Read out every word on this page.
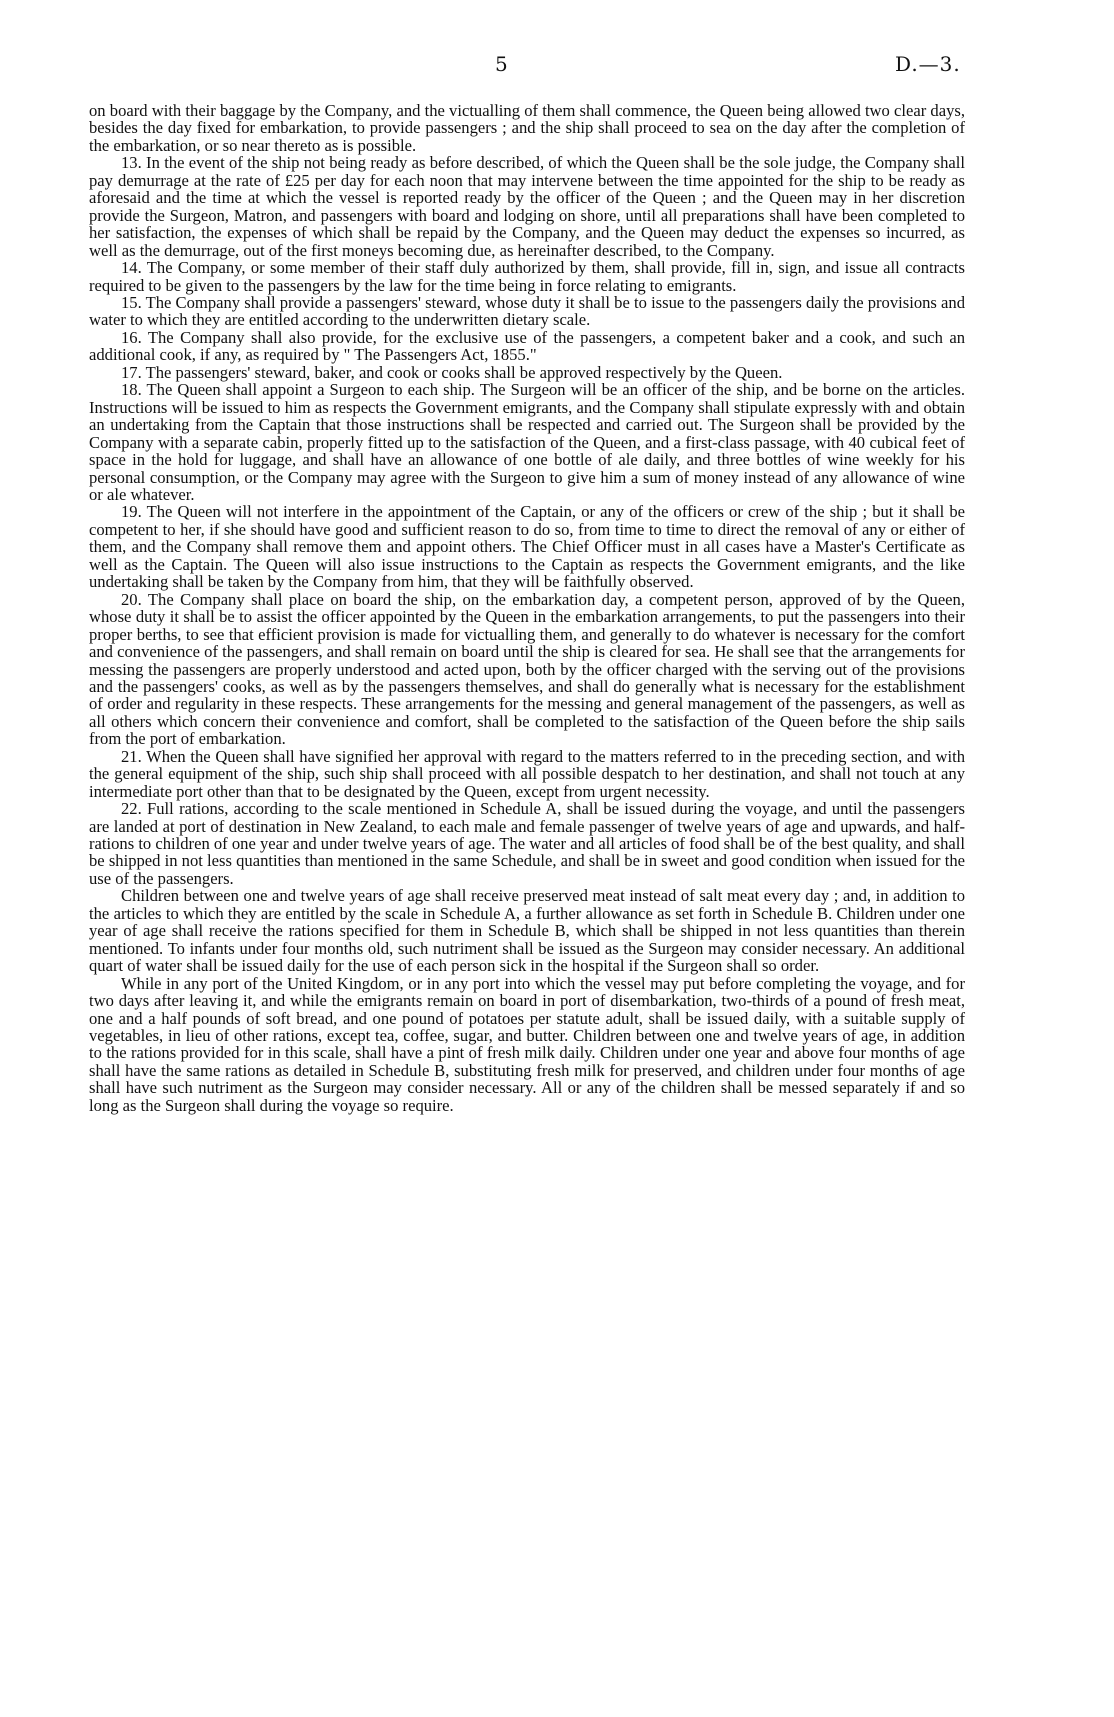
5	D.—3.

on board with their baggage by the Company, and the victualling of them shall commence, the Queen being allowed two clear days, besides the day fixed for embarkation, to provide passengers ; and the ship shall proceed to sea on the day after the completion of the embarkation, or so near thereto as is possible.

13. In the event of the ship not being ready as before described, of which the Queen shall be the sole judge, the Company shall pay demurrage at the rate of £25 per day for each noon that may intervene between the time appointed for the ship to be ready as aforesaid and the time at which the vessel is reported ready by the officer of the Queen ; and the Queen may in her discretion provide the Surgeon, Matron, and passengers with board and lodging on shore, until all preparations shall have been completed to her satisfaction, the expenses of which shall be repaid by the Company, and the Queen may deduct the expenses so incurred, as well as the demurrage, out of the first moneys becoming due, as hereinafter described, to the Company.

14. The Company, or some member of their staff duly authorized by them, shall provide, fill in, sign, and issue all contracts required to be given to the passengers by the law for the time being in force relating to emigrants.

15. The Company shall provide a passengers' steward, whose duty it shall be to issue to the passengers daily the provisions and water to which they are entitled according to the underwritten dietary scale.

16. The Company shall also provide, for the exclusive use of the passengers, a competent baker and a cook, and such an additional cook, if any, as required by " The Passengers Act, 1855."

17. The passengers' steward, baker, and cook or cooks shall be approved respectively by the Queen.

18. The Queen shall appoint a Surgeon to each ship. The Surgeon will be an officer of the ship, and be borne on the articles. Instructions will be issued to him as respects the Government emigrants, and the Company shall stipulate expressly with and obtain an undertaking from the Captain that those instructions shall be respected and carried out. The Surgeon shall be provided by the Company with a separate cabin, properly fitted up to the satisfaction of the Queen, and a first-class passage, with 40 cubical feet of space in the hold for luggage, and shall have an allowance of one bottle of ale daily, and three bottles of wine weekly for his personal consumption, or the Company may agree with the Surgeon to give him a sum of money instead of any allowance of wine or ale whatever.

19. The Queen will not interfere in the appointment of the Captain, or any of the officers or crew of the ship ; but it shall be competent to her, if she should have good and sufficient reason to do so, from time to time to direct the removal of any or either of them, and the Company shall remove them and appoint others. The Chief Officer must in all cases have a Master's Certificate as well as the Captain. The Queen will also issue instructions to the Captain as respects the Government emigrants, and the like undertaking shall be taken by the Company from him, that they will be faithfully observed.

20. The Company shall place on board the ship, on the embarkation day, a competent person, approved of by the Queen, whose duty it shall be to assist the officer appointed by the Queen in the embarkation arrangements, to put the passengers into their proper berths, to see that efficient provision is made for victualling them, and generally to do whatever is necessary for the comfort and convenience of the passengers, and shall remain on board until the ship is cleared for sea. He shall see that the arrangements for messing the passengers are properly understood and acted upon, both by the officer charged with the serving out of the provisions and the passengers' cooks, as well as by the passengers themselves, and shall do generally what is necessary for the establishment of order and regularity in these respects. These arrangements for the messing and general management of the passengers, as well as all others which concern their convenience and comfort, shall be completed to the satisfaction of the Queen before the ship sails from the port of embarkation.

21. When the Queen shall have signified her approval with regard to the matters referred to in the preceding section, and with the general equipment of the ship, such ship shall proceed with all possible despatch to her destination, and shall not touch at any intermediate port other than that to be designated by the Queen, except from urgent necessity.

22. Full rations, according to the scale mentioned in Schedule A, shall be issued during the voyage, and until the passengers are landed at port of destination in New Zealand, to each male and female passenger of twelve years of age and upwards, and half-rations to children of one year and under twelve years of age. The water and all articles of food shall be of the best quality, and shall be shipped in not less quantities than mentioned in the same Schedule, and shall be in sweet and good condition when issued for the use of the passengers.

Children between one and twelve years of age shall receive preserved meat instead of salt meat every day ; and, in addition to the articles to which they are entitled by the scale in Schedule A, a further allowance as set forth in Schedule B. Children under one year of age shall receive the rations specified for them in Schedule B, which shall be shipped in not less quantities than therein mentioned. To infants under four months old, such nutriment shall be issued as the Surgeon may consider necessary. An additional quart of water shall be issued daily for the use of each person sick in the hospital if the Surgeon shall so order.

While in any port of the United Kingdom, or in any port into which the vessel may put before completing the voyage, and for two days after leaving it, and while the emigrants remain on board in port of disembarkation, two-thirds of a pound of fresh meat, one and a half pounds of soft bread, and one pound of potatoes per statute adult, shall be issued daily, with a suitable supply of vegetables, in lieu of other rations, except tea, coffee, sugar, and butter. Children between one and twelve years of age, in addition to the rations provided for in this scale, shall have a pint of fresh milk daily. Children under one year and above four months of age shall have the same rations as detailed in Schedule B, substituting fresh milk for preserved, and children under four months of age shall have such nutriment as the Surgeon may consider necessary. All or any of the children shall be messed separately if and so long as the Surgeon shall during the voyage so require.
